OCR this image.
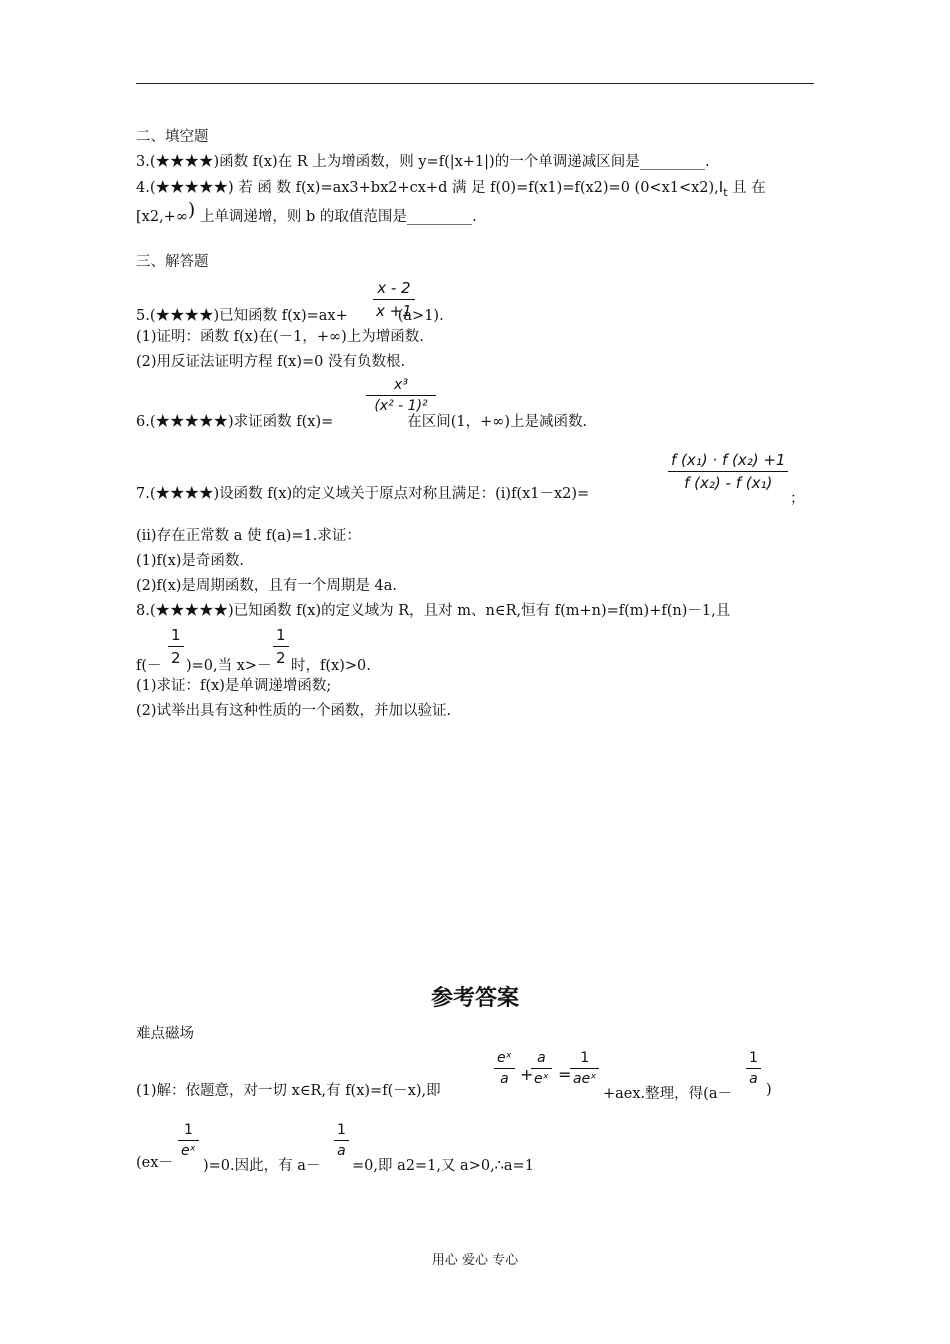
二、填空题
3.(★★★★)函数 f(x)在 R 上为增函数，则 y=f(|x+1|)的一个单调递减区间是_________.
4.(★★★★★) 若 函 数 f(x)=ax3+bx2+cx+d 满 足 f(0)=f(x1)=f(x2)=0 $(0<x1<x2),I_t$ 且 在
[x2,+∞) 上单调递增，则 b 的取值范围是_________.
三、解答题
x - 2
x +1
5.(★★★★)已知函数 f(x)=ax+	(a>1).
(1)证明：函数 f(x)在(－1，+∞)上为增函数.
(2)用反证法证明方程 f(x)=0 没有负数根.
x³
(x² - 1)²
6.(★★★★★)求证函数 f(x)=	在区间(1，+∞)上是减函数.
f (x₁) · f (x₂) +1
f (x₂) - f (x₁)
7.(★★★★)设函数 f(x)的定义域关于原点对称且满足：(i)f(x1－x2)=	；
(ii)存在正常数 a 使 f(a)=1.求证：
(1)f(x)是奇函数.
(2)f(x)是周期函数，且有一个周期是 4a.
8.(★★★★★)已知函数 f(x)的定义域为 R，且对 m、n∈R,恒有 f(m+n)=f(m)+f(n)－1,且
1
2
1
2
f(－ )=0,当 x>－ 时，f(x)>0.
(1)求证：f(x)是单调递增函数;
(2)试举出具有这种性质的一个函数，并加以验证.
参考答案
难点磁场
(1)解：依题意，对一切 x∈R,有 f(x)=f(－x),即
eˣ
a +
a
eˣ =
1
aeˣ
+aex.整理，得(a－
1
a
)
(ex－
1
eˣ
)=0.因此，有 a－
1
a
=0,即 a2=1,又 a>0,∴a=1
用心 爱心 专心
